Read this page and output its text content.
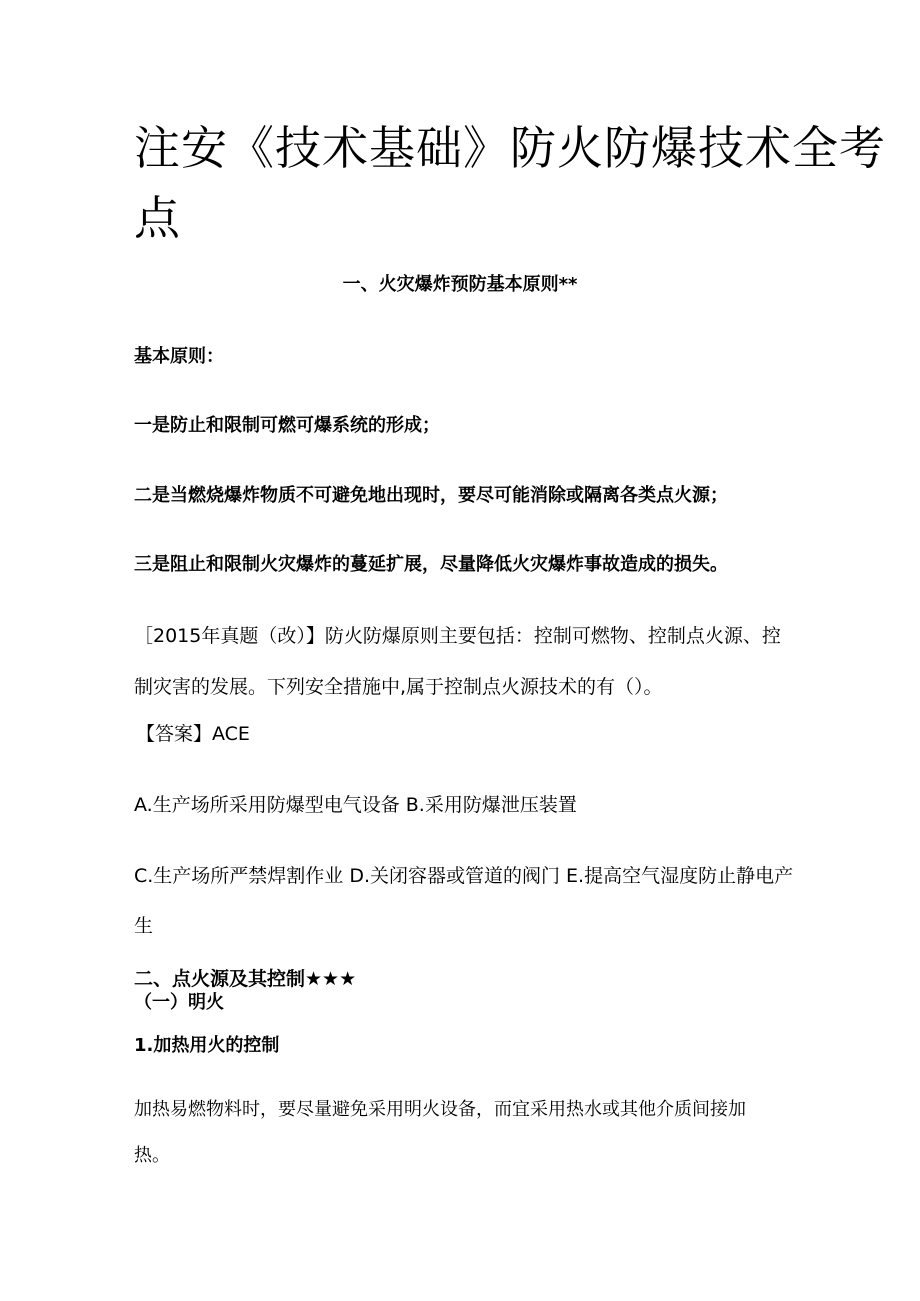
注安《技术基础》防火防爆技术全考
点
一、火灾爆炸预防基本原则**
基本原则：
一是防止和限制可燃可爆系统的形成；
二是当燃烧爆炸物质不可避免地出现时，要尽可能消除或隔离各类点火源；
三是阻止和限制火灾爆炸的蔓延扩展，尽量降低火灾爆炸事故造成的损失。
［2015年真题（改）】防火防爆原则主要包括：控制可燃物、控制点火源、控
制灾害的发展。下列安全措施中,属于控制点火源技术的有（）。
【答案】ACE
A.生产场所采用防爆型电气设备 B.采用防爆泄压装置
C.生产场所严禁焊割作业 D.关闭容器或管道的阀门 E.提高空气湿度防止静电产
生
二、点火源及其控制★★★
（一）明火
1.加热用火的控制
加热易燃物料时，要尽量避免采用明火设备，而宜采用热水或其他介质间接加
热。
